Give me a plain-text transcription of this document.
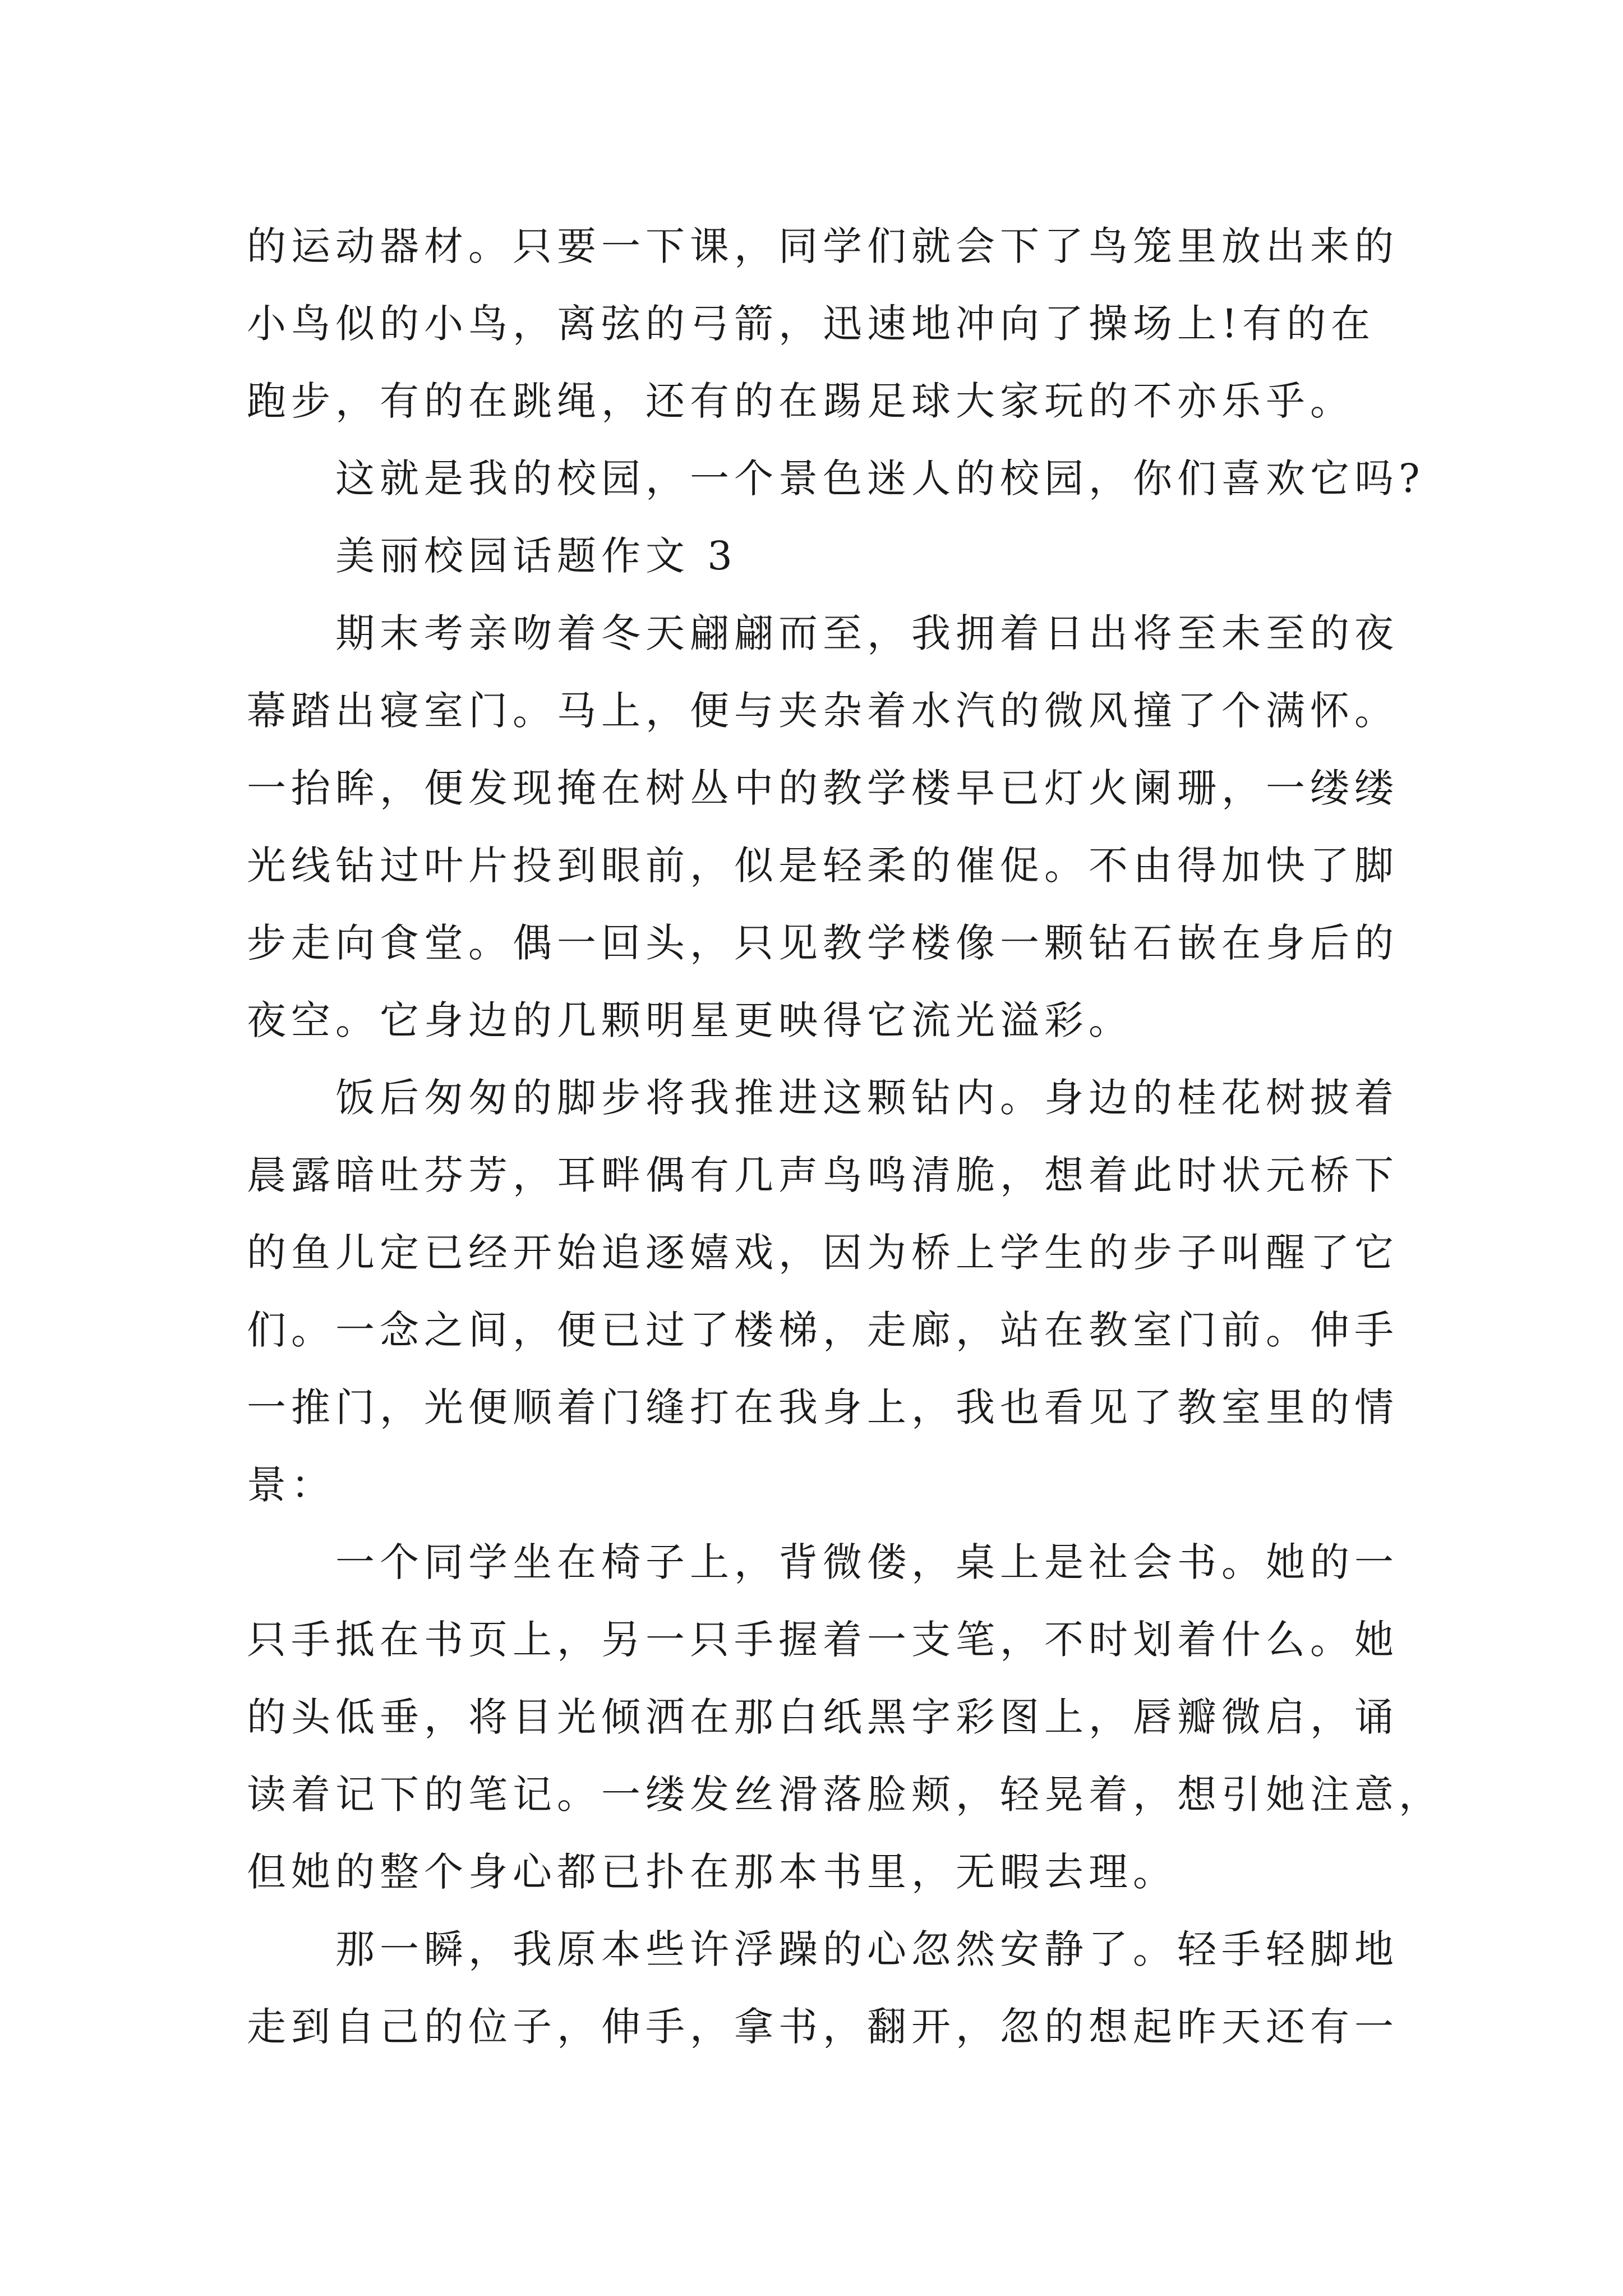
的运动器材。只要一下课，同学们就会下了鸟笼里放出来的
小鸟似的小鸟，离弦的弓箭，迅速地冲向了操场上!有的在
跑步，有的在跳绳，还有的在踢足球大家玩的不亦乐乎。
这就是我的校园，一个景色迷人的校园，你们喜欢它吗?
美丽校园话题作文 3
期末考亲吻着冬天翩翩而至，我拥着日出将至未至的夜
幕踏出寝室门。马上，便与夹杂着水汽的微风撞了个满怀。
一抬眸，便发现掩在树丛中的教学楼早已灯火阑珊，一缕缕
光线钻过叶片投到眼前，似是轻柔的催促。不由得加快了脚
步走向食堂。偶一回头，只见教学楼像一颗钻石嵌在身后的
夜空。它身边的几颗明星更映得它流光溢彩。
饭后匆匆的脚步将我推进这颗钻内。身边的桂花树披着
晨露暗吐芬芳，耳畔偶有几声鸟鸣清脆，想着此时状元桥下
的鱼儿定已经开始追逐嬉戏，因为桥上学生的步子叫醒了它
们。一念之间，便已过了楼梯，走廊，站在教室门前。伸手
一推门，光便顺着门缝打在我身上，我也看见了教室里的情
景：
一个同学坐在椅子上，背微偻，桌上是社会书。她的一
只手抵在书页上，另一只手握着一支笔，不时划着什么。她
的头低垂，将目光倾洒在那白纸黑字彩图上，唇瓣微启，诵
读着记下的笔记。一缕发丝滑落脸颊，轻晃着，想引她注意，
但她的整个身心都已扑在那本书里，无暇去理。
那一瞬，我原本些许浮躁的心忽然安静了。轻手轻脚地
走到自己的位子，伸手，拿书，翻开，忽的想起昨天还有一
